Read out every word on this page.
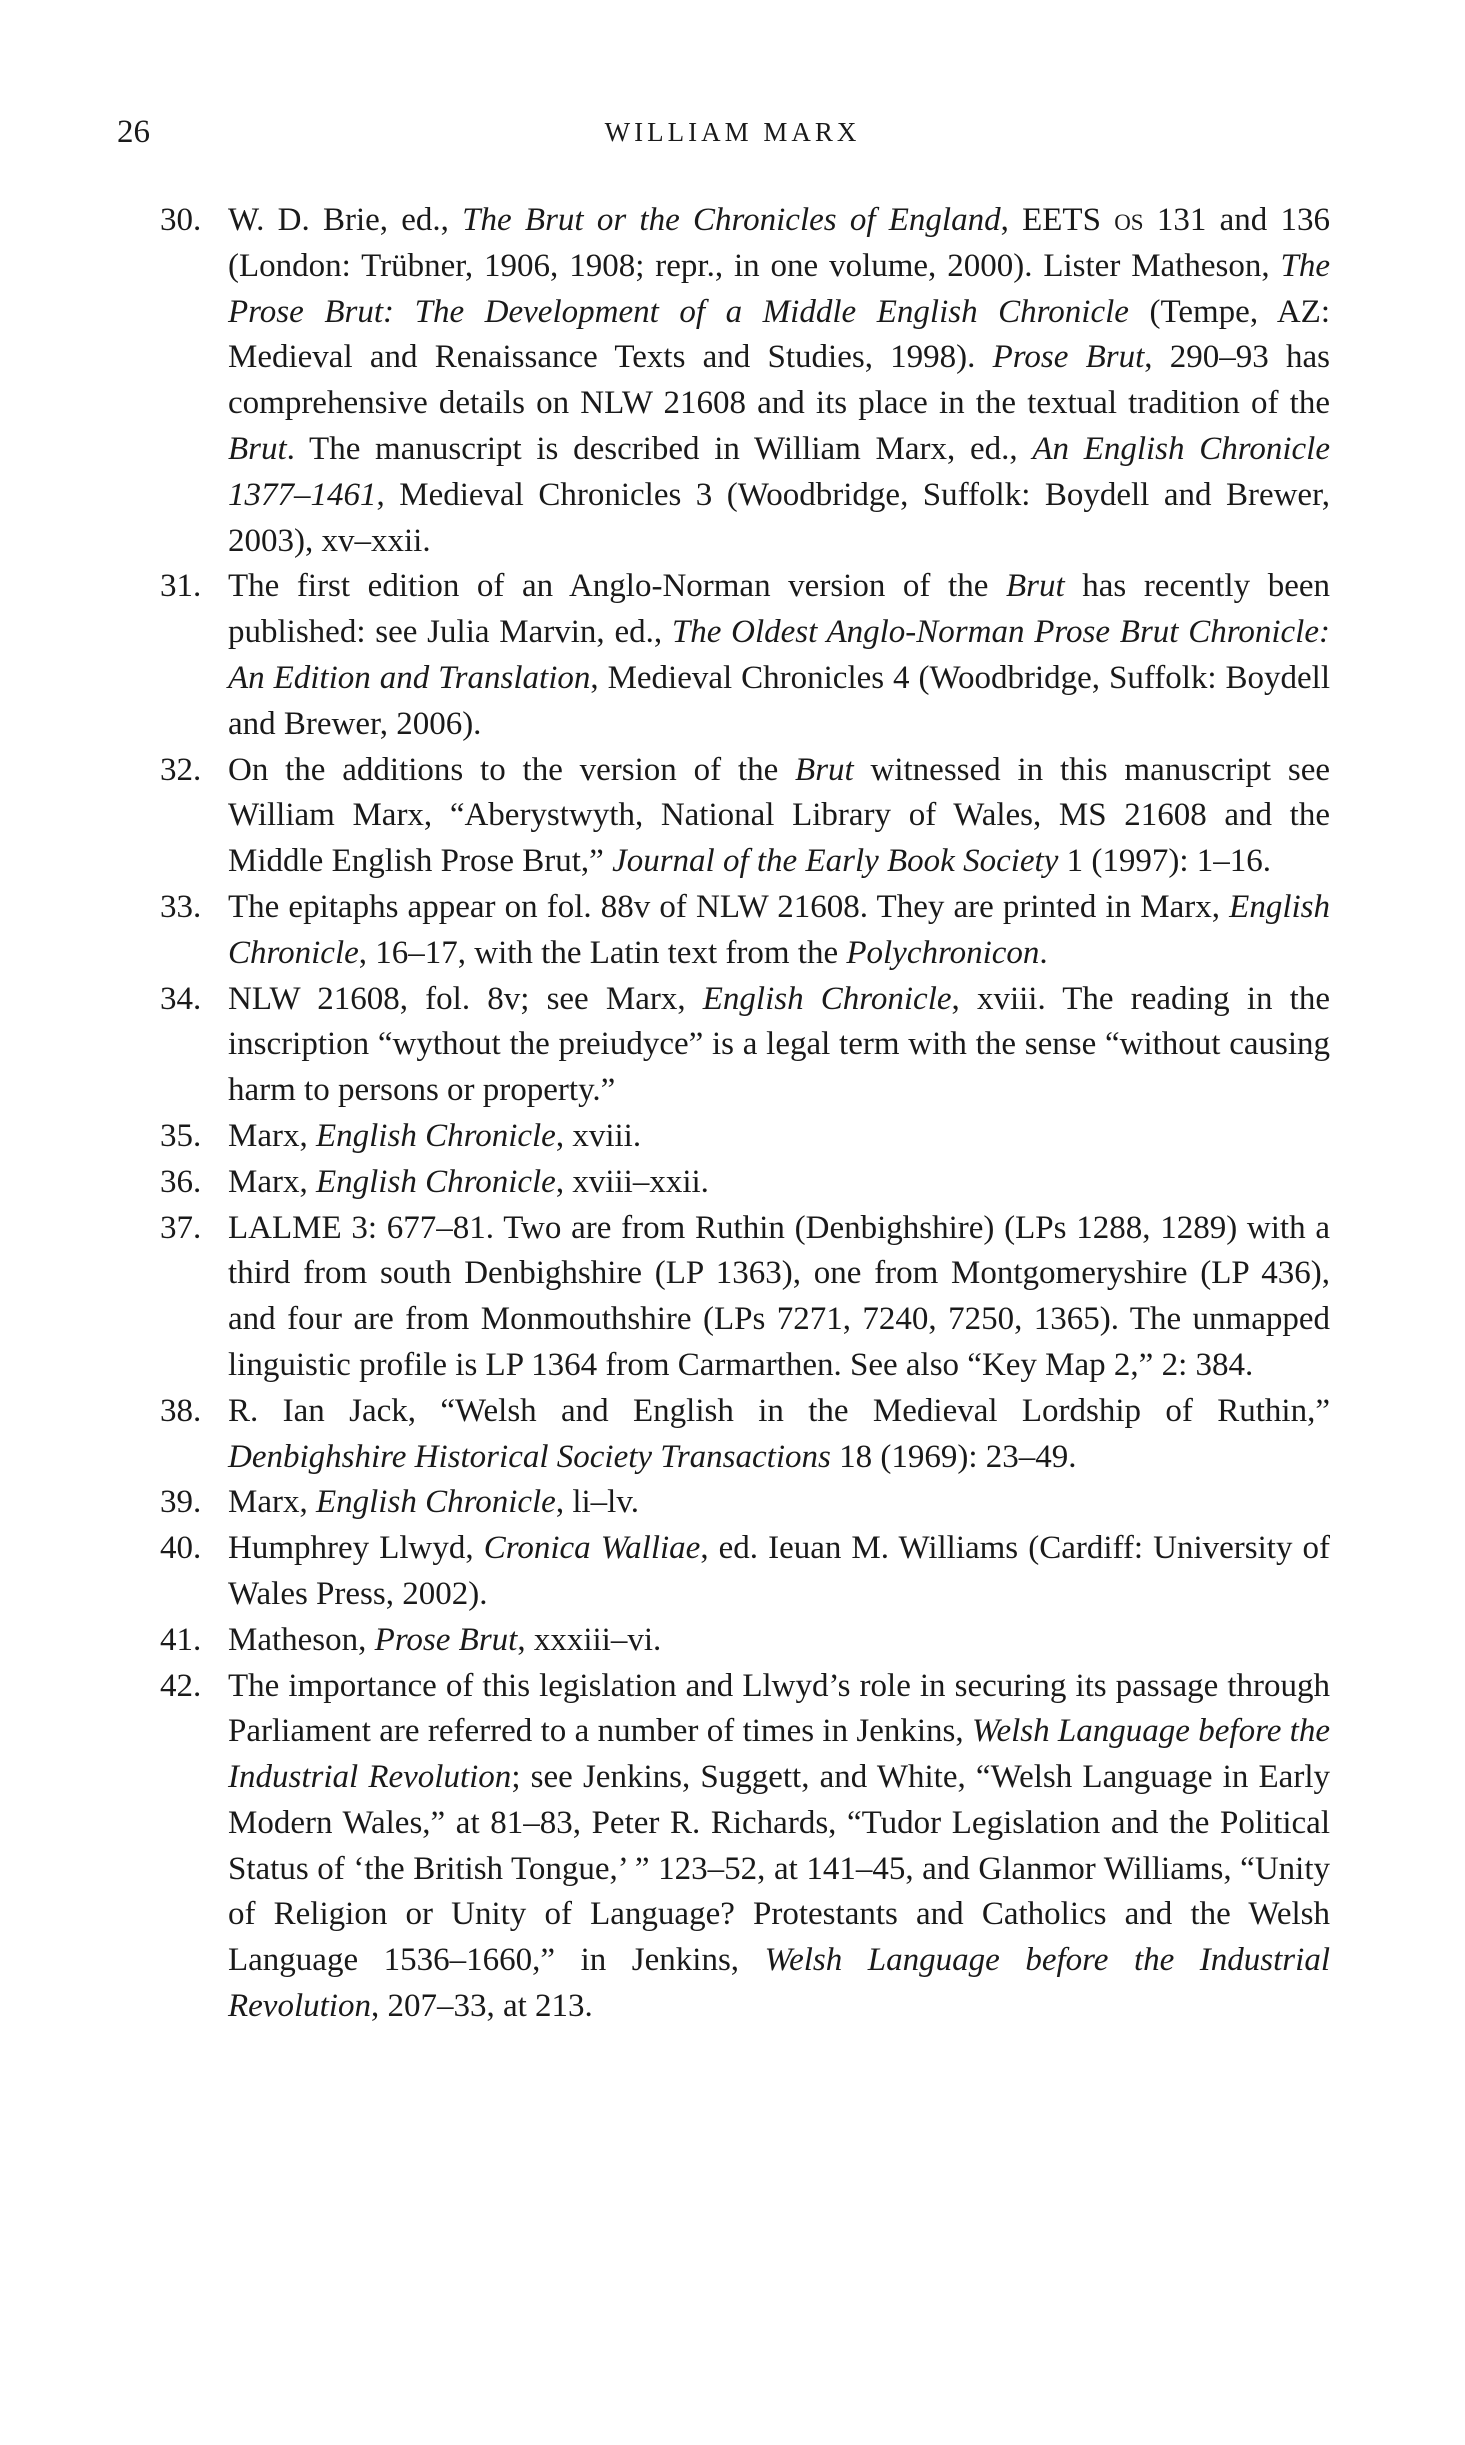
26	WILLIAM MARX
30. W. D. Brie, ed., The Brut or the Chronicles of England, EETS os 131 and 136 (London: Trübner, 1906, 1908; repr., in one volume, 2000). Lister Matheson, The Prose Brut: The Development of a Middle English Chronicle (Tempe, AZ: Medieval and Renaissance Texts and Studies, 1998). Prose Brut, 290–93 has comprehensive details on NLW 21608 and its place in the textual tradition of the Brut. The manuscript is described in William Marx, ed., An English Chronicle 1377–1461, Medieval Chronicles 3 (Woodbridge, Suffolk: Boydell and Brewer, 2003), xv–xxii.
31. The first edition of an Anglo-Norman version of the Brut has recently been published: see Julia Marvin, ed., The Oldest Anglo-Norman Prose Brut Chronicle: An Edition and Translation, Medieval Chronicles 4 (Woodbridge, Suffolk: Boydell and Brewer, 2006).
32. On the additions to the version of the Brut witnessed in this manuscript see William Marx, “Aberystwyth, National Library of Wales, MS 21608 and the Middle English Prose Brut,” Journal of the Early Book Society 1 (1997): 1–16.
33. The epitaphs appear on fol. 88v of NLW 21608. They are printed in Marx, English Chronicle, 16–17, with the Latin text from the Polychronicon.
34. NLW 21608, fol. 8v; see Marx, English Chronicle, xviii. The reading in the inscription “wythout the preiudyce” is a legal term with the sense “without causing harm to persons or property.”
35. Marx, English Chronicle, xviii.
36. Marx, English Chronicle, xviii–xxii.
37. LALME 3: 677–81. Two are from Ruthin (Denbighshire) (LPs 1288, 1289) with a third from south Denbighshire (LP 1363), one from Montgomeryshire (LP 436), and four are from Monmouthshire (LPs 7271, 7240, 7250, 1365). The unmapped linguistic profile is LP 1364 from Carmarthen. See also “Key Map 2,” 2: 384.
38. R. Ian Jack, “Welsh and English in the Medieval Lordship of Ruthin,” Denbighshire Historical Society Transactions 18 (1969): 23–49.
39. Marx, English Chronicle, li–lv.
40. Humphrey Llwyd, Cronica Walliae, ed. Ieuan M. Williams (Cardiff: University of Wales Press, 2002).
41. Matheson, Prose Brut, xxxiii–vi.
42. The importance of this legislation and Llwyd’s role in securing its passage through Parliament are referred to a number of times in Jenkins, Welsh Language before the Industrial Revolution; see Jenkins, Suggett, and White, “Welsh Language in Early Modern Wales,” at 81–83, Peter R. Richards, “Tudor Legislation and the Political Status of ‘the British Tongue,’ ” 123–52, at 141–45, and Glanmor Williams, “Unity of Religion or Unity of Language? Protestants and Catholics and the Welsh Language 1536–1660,” in Jenkins, Welsh Language before the Industrial Revolution, 207–33, at 213.
